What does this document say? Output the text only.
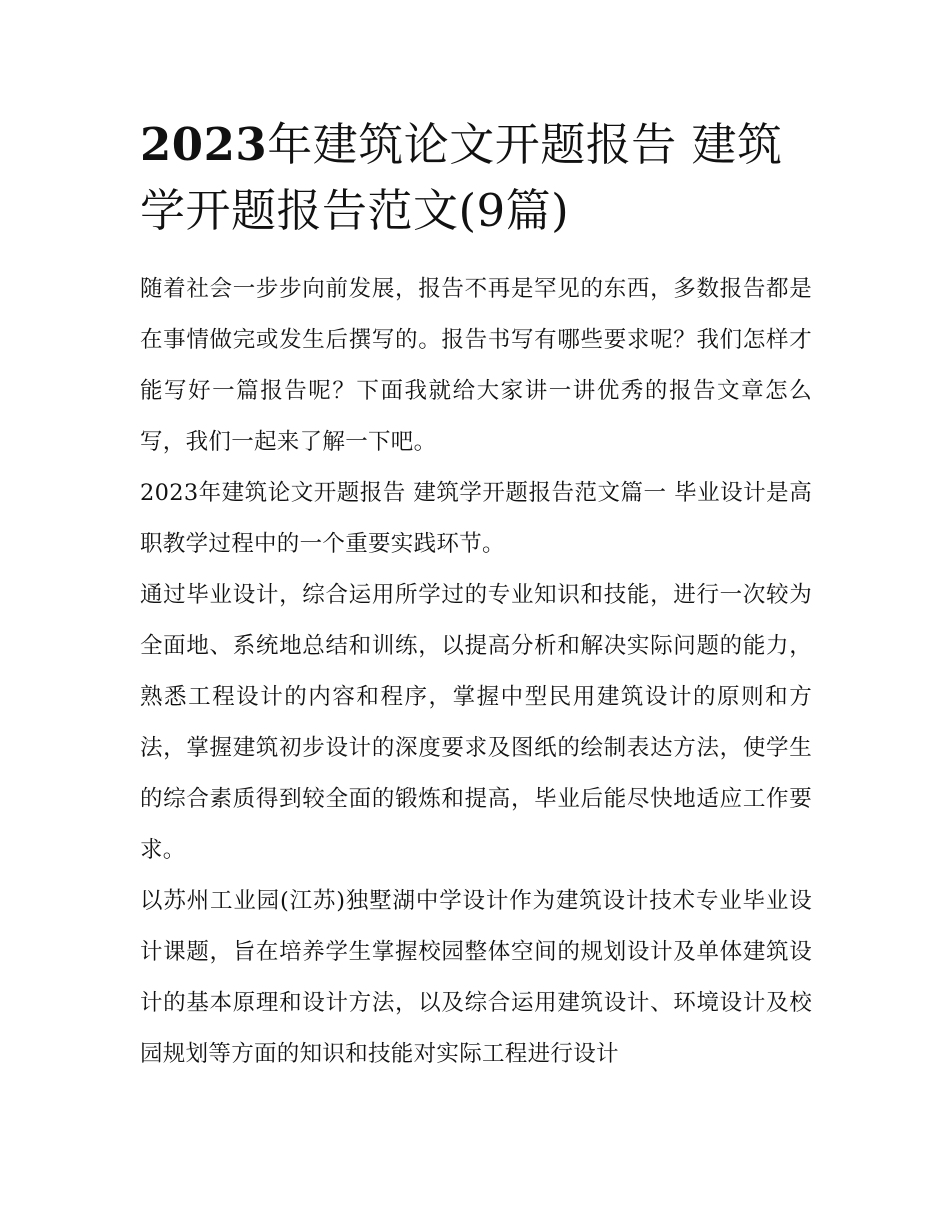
2023年建筑论文开题报告 建筑学开题报告范文(9篇)

随着社会一步步向前发展，报告不再是罕见的东西，多数报告都是在事情做完或发生后撰写的。报告书写有哪些要求呢？我们怎样才能写好一篇报告呢？下面我就给大家讲一讲优秀的报告文章怎么写，我们一起来了解一下吧。

2023年建筑论文开题报告 建筑学开题报告范文篇一 毕业设计是高职教学过程中的一个重要实践环节。

通过毕业设计，综合运用所学过的专业知识和技能，进行一次较为全面地、系统地总结和训练，以提高分析和解决实际问题的能力，熟悉工程设计的内容和程序，掌握中型民用建筑设计的原则和方法，掌握建筑初步设计的深度要求及图纸的绘制表达方法，使学生的综合素质得到较全面的锻炼和提高，毕业后能尽快地适应工作要求。

以苏州工业园(江苏)独墅湖中学设计作为建筑设计技术专业毕业设计课题，旨在培养学生掌握校园整体空间的规划设计及单体建筑设计的基本原理和设计方法，以及综合运用建筑设计、环境设计及校园规划等方面的知识和技能对实际工程进行设计
